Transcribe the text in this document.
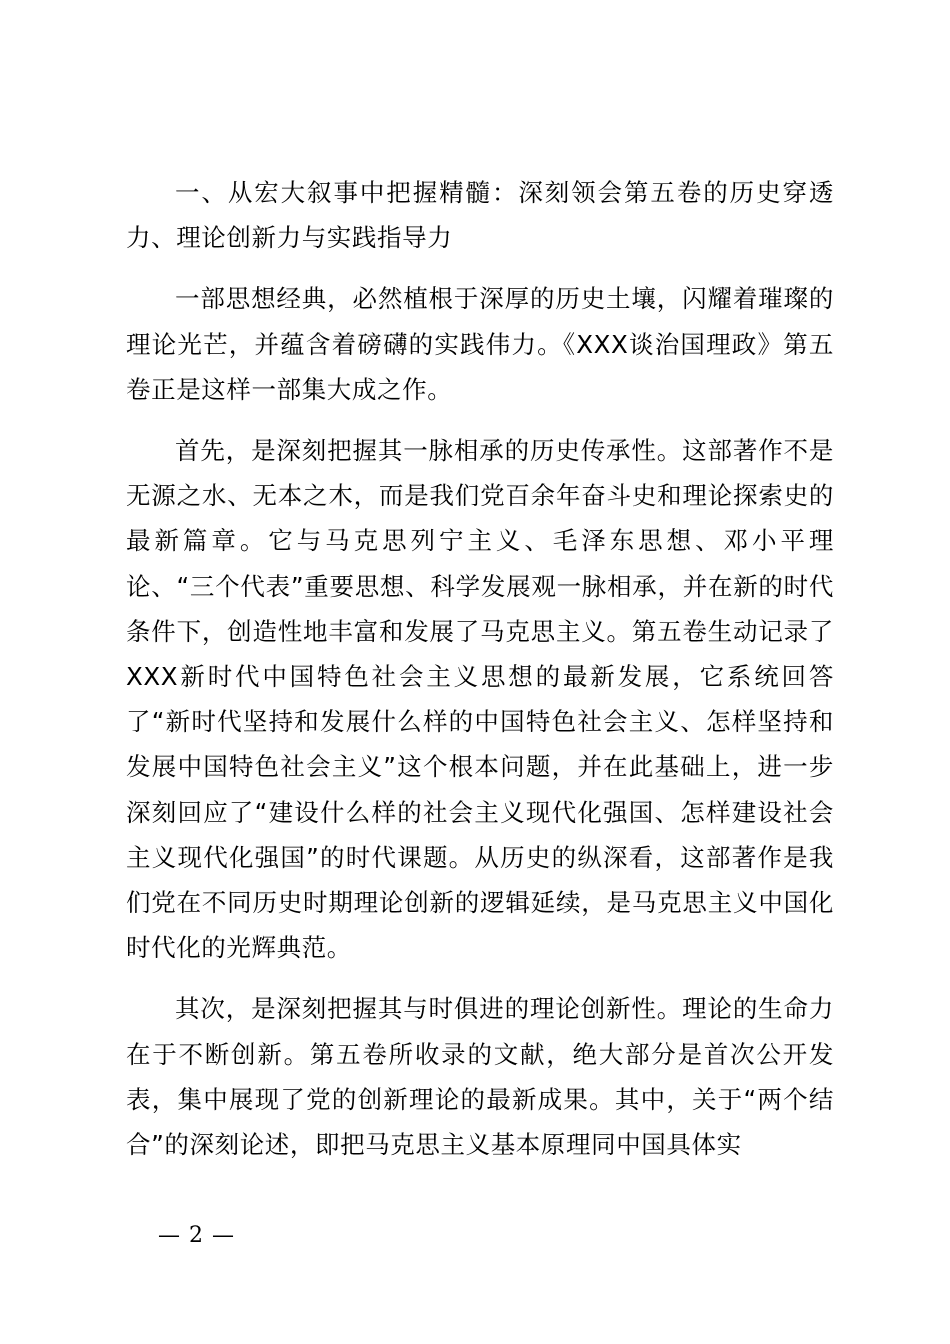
一、从宏大叙事中把握精髓：深刻领会第五卷的历史穿透力、理论创新力与实践指导力

一部思想经典，必然植根于深厚的历史土壤，闪耀着璀璨的理论光芒，并蕴含着磅礴的实践伟力。《XXX谈治国理政》第五卷正是这样一部集大成之作。

首先，是深刻把握其一脉相承的历史传承性。这部著作不是无源之水、无本之木，而是我们党百余年奋斗史和理论探索史的最新篇章。它与马克思列宁主义、毛泽东思想、邓小平理论、“三个代表”重要思想、科学发展观一脉相承，并在新的时代条件下，创造性地丰富和发展了马克思主义。第五卷生动记录了XXX新时代中国特色社会主义思想的最新发展，它系统回答了“新时代坚持和发展什么样的中国特色社会主义、怎样坚持和发展中国特色社会主义”这个根本问题，并在此基础上，进一步深刻回应了“建设什么样的社会主义现代化强国、怎样建设社会主义现代化强国”的时代课题。从历史的纵深看，这部著作是我们党在不同历史时期理论创新的逻辑延续，是马克思主义中国化时代化的光辉典范。

其次，是深刻把握其与时俱进的理论创新性。理论的生命力在于不断创新。第五卷所收录的文献，绝大部分是首次公开发表，集中展现了党的创新理论的最新成果。其中，关于“两个结合”的深刻论述，即把马克思主义基本原理同中国具体实

— 2 —
